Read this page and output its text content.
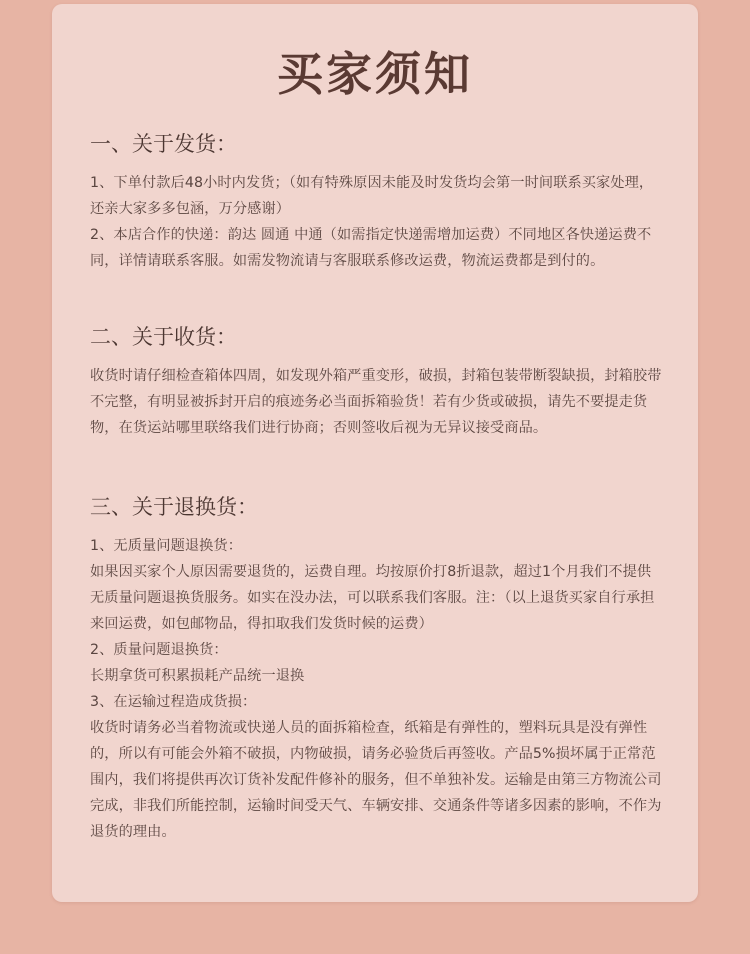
买家须知
一、关于发货：

1、下单付款后48小时内发货；（如有特殊原因未能及时发货均会第一时间联系买家处理，还亲大家多多包涵，万分感谢）

2、本店合作的快递：韵达 圆通 中通（如需指定快递需增加运费）不同地区各快递运费不同，详情请联系客服。如需发物流请与客服联系修改运费，物流运费都是到付的。

二、关于收货：

收货时请仔细检查箱体四周，如发现外箱严重变形，破损，封箱包装带断裂缺损，封箱胶带不完整，有明显被拆封开启的痕迹务必当面拆箱验货！若有少货或破损，请先不要提走货物，在货运站哪里联络我们进行协商；否则签收后视为无异议接受商品。

三、关于退换货：

1、无质量问题退换货：

如果因买家个人原因需要退货的，运费自理。均按原价打8折退款，超过1个月我们不提供无质量问题退换货服务。如实在没办法，可以联系我们客服。注：（以上退货买家自行承担来回运费，如包邮物品，得扣取我们发货时候的运费）

2、质量问题退换货：

长期拿货可积累损耗产品统一退换

3、在运输过程造成货损：

收货时请务必当着物流或快递人员的面拆箱检查，纸箱是有弹性的，塑料玩具是没有弹性的，所以有可能会外箱不破损，内物破损，请务必验货后再签收。产品5%损坏属于正常范围内，我们将提供再次订货补发配件修补的服务，但不单独补发。运输是由第三方物流公司完成，非我们所能控制，运输时间受天气、车辆安排、交通条件等诸多因素的影响，不作为退货的理由。
